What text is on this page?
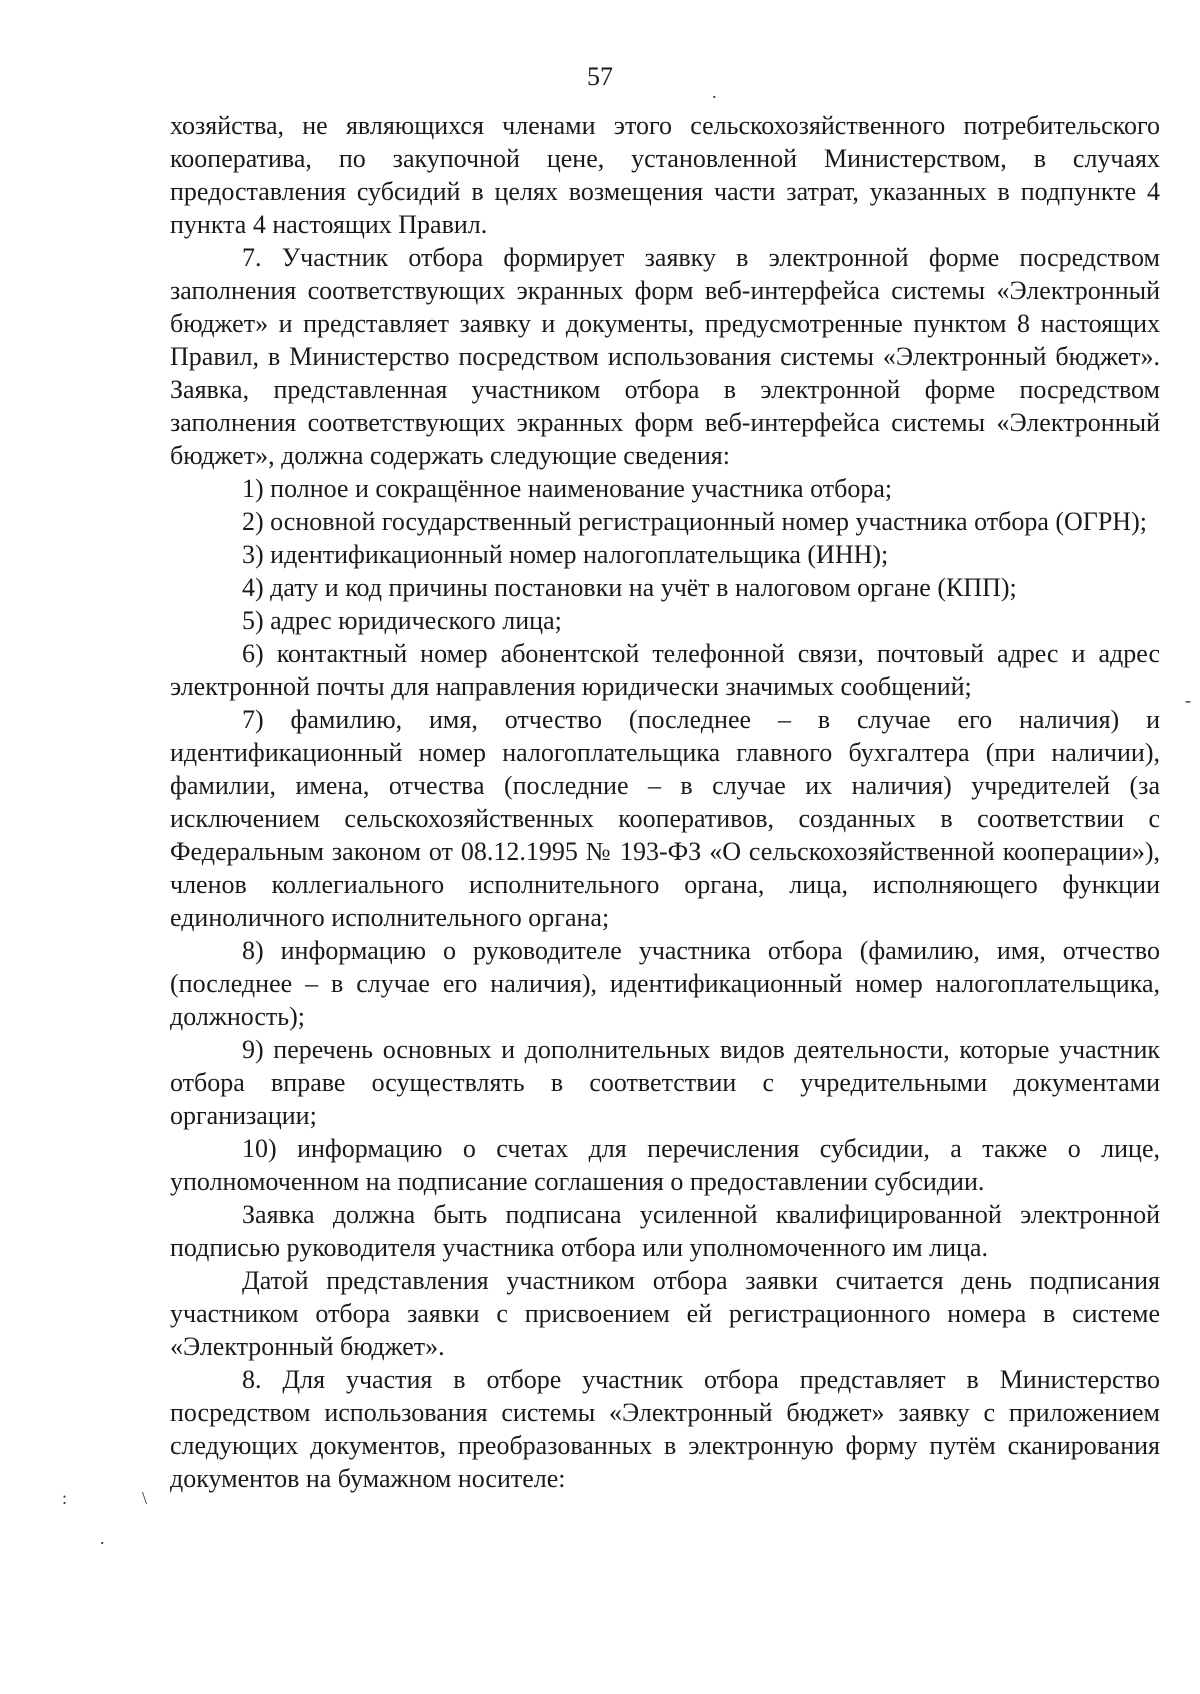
57

хозяйства, не являющихся членами этого сельскохозяйственного потребительского кооператива, по закупочной цене, установленной Министерством, в случаях предоставления субсидий в целях возмещения части затрат, указанных в подпункте 4 пункта 4 настоящих Правил.

7. Участник отбора формирует заявку в электронной форме посредством заполнения соответствующих экранных форм веб-интерфейса системы «Электронный бюджет» и представляет заявку и документы, предусмотренные пунктом 8 настоящих Правил, в Министерство посредством использования системы «Электронный бюджет». Заявка, представленная участником отбора в электронной форме посредством заполнения соответствующих экранных форм веб-интерфейса системы «Электронный бюджет», должна содержать следующие сведения:

1) полное и сокращённое наименование участника отбора;

2) основной государственный регистрационный номер участника отбора (ОГРН);

3) идентификационный номер налогоплательщика (ИНН);

4) дату и код причины постановки на учёт в налоговом органе (КПП);

5) адрес юридического лица;

6) контактный номер абонентской телефонной связи, почтовый адрес и адрес электронной почты для направления юридически значимых сообщений;

7) фамилию, имя, отчество (последнее – в случае его наличия) и идентификационный номер налогоплательщика главного бухгалтера (при наличии), фамилии, имена, отчества (последние – в случае их наличия) учредителей (за исключением сельскохозяйственных кооперативов, созданных в соответствии с Федеральным законом от 08.12.1995 № 193-ФЗ «О сельскохозяйственной кооперации»), членов коллегиального исполнительного органа, лица, исполняющего функции единоличного исполнительного органа;

8) информацию о руководителе участника отбора (фамилию, имя, отчество (последнее – в случае его наличия), идентификационный номер налогоплательщика, должность);

9) перечень основных и дополнительных видов деятельности, которые участник отбора вправе осуществлять в соответствии с учредительными документами организации;

10) информацию о счетах для перечисления субсидии, а также о лице, уполномоченном на подписание соглашения о предоставлении субсидии.

Заявка должна быть подписана усиленной квалифицированной электронной подписью руководителя участника отбора или уполномоченного им лица.

Датой представления участником отбора заявки считается день подписания участником отбора заявки с присвоением ей регистрационного номера в системе «Электронный бюджет».

8. Для участия в отборе участник отбора представляет в Министерство посредством использования системы «Электронный бюджет» заявку с приложением следующих документов, преобразованных в электронную форму путём сканирования документов на бумажном носителе:

.
-
:	\
.
